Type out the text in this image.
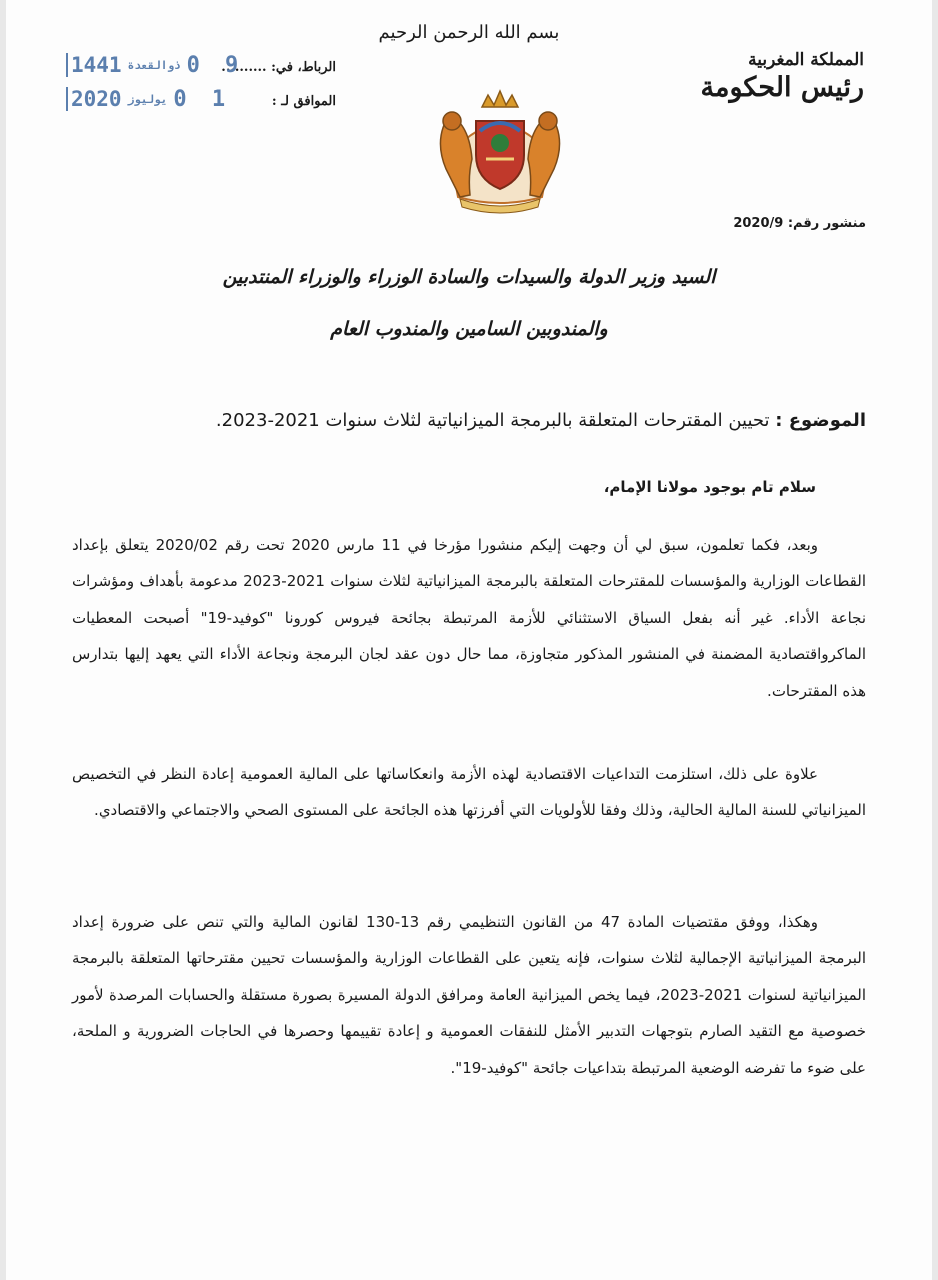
بسم الله الرحمن الرحيم
المملكة المغربية
رئيس الحكومة
الرباط، في: ..........
1441 ذوالقعدة 0 9
الموافق لـ :
2020 يوليوز 0 1
منشور رقم: 2020/9
السيد وزير الدولة والسيدات والسادة الوزراء والوزراء المنتدبين
والمندوبين السامين والمندوب العام
الموضوع : تحيين المقترحات المتعلقة بالبرمجة الميزانياتية لثلاث سنوات 2021-2023.
سلام تام بوجود مولانا الإمام،
وبعد، فكما تعلمون، سبق لي أن وجهت إليكم منشورا مؤرخا في 11 مارس 2020 تحت رقم 2020/02 يتعلق بإعداد القطاعات الوزارية والمؤسسات للمقترحات المتعلقة بالبرمجة الميزانياتية لثلاث سنوات 2021-2023 مدعومة بأهداف ومؤشرات نجاعة الأداء. غير أنه بفعل السياق الاستثنائي للأزمة المرتبطة بجائحة فيروس كورونا "كوفيد-19" أصبحت المعطيات الماكرواقتصادية المضمنة في المنشور المذكور متجاوزة، مما حال دون عقد لجان البرمجة ونجاعة الأداء التي يعهد إليها بتدارس هذه المقترحات.
علاوة على ذلك، استلزمت التداعيات الاقتصادية لهذه الأزمة وانعكاساتها على المالية العمومية إعادة النظر في التخصيص الميزانياتي للسنة المالية الحالية، وذلك وفقا للأولويات التي أفرزتها هذه الجائحة على المستوى الصحي والاجتماعي والاقتصادي.
وهكذا، ووفق مقتضيات المادة 47 من القانون التنظيمي رقم 13-130 لقانون المالية والتي تنص على ضرورة إعداد البرمجة الميزانياتية الإجمالية لثلاث سنوات، فإنه يتعين على القطاعات الوزارية والمؤسسات تحيين مقترحاتها المتعلقة بالبرمجة الميزانياتية لسنوات 2021-2023، فيما يخص الميزانية العامة ومرافق الدولة المسيرة بصورة مستقلة والحسابات المرصدة لأمور خصوصية مع التقيد الصارم بتوجهات التدبير الأمثل للنفقات العمومية و إعادة تقييمها وحصرها في الحاجات الضرورية و الملحة، على ضوء ما تفرضه الوضعية المرتبطة بتداعيات جائحة "كوفيد-19".
